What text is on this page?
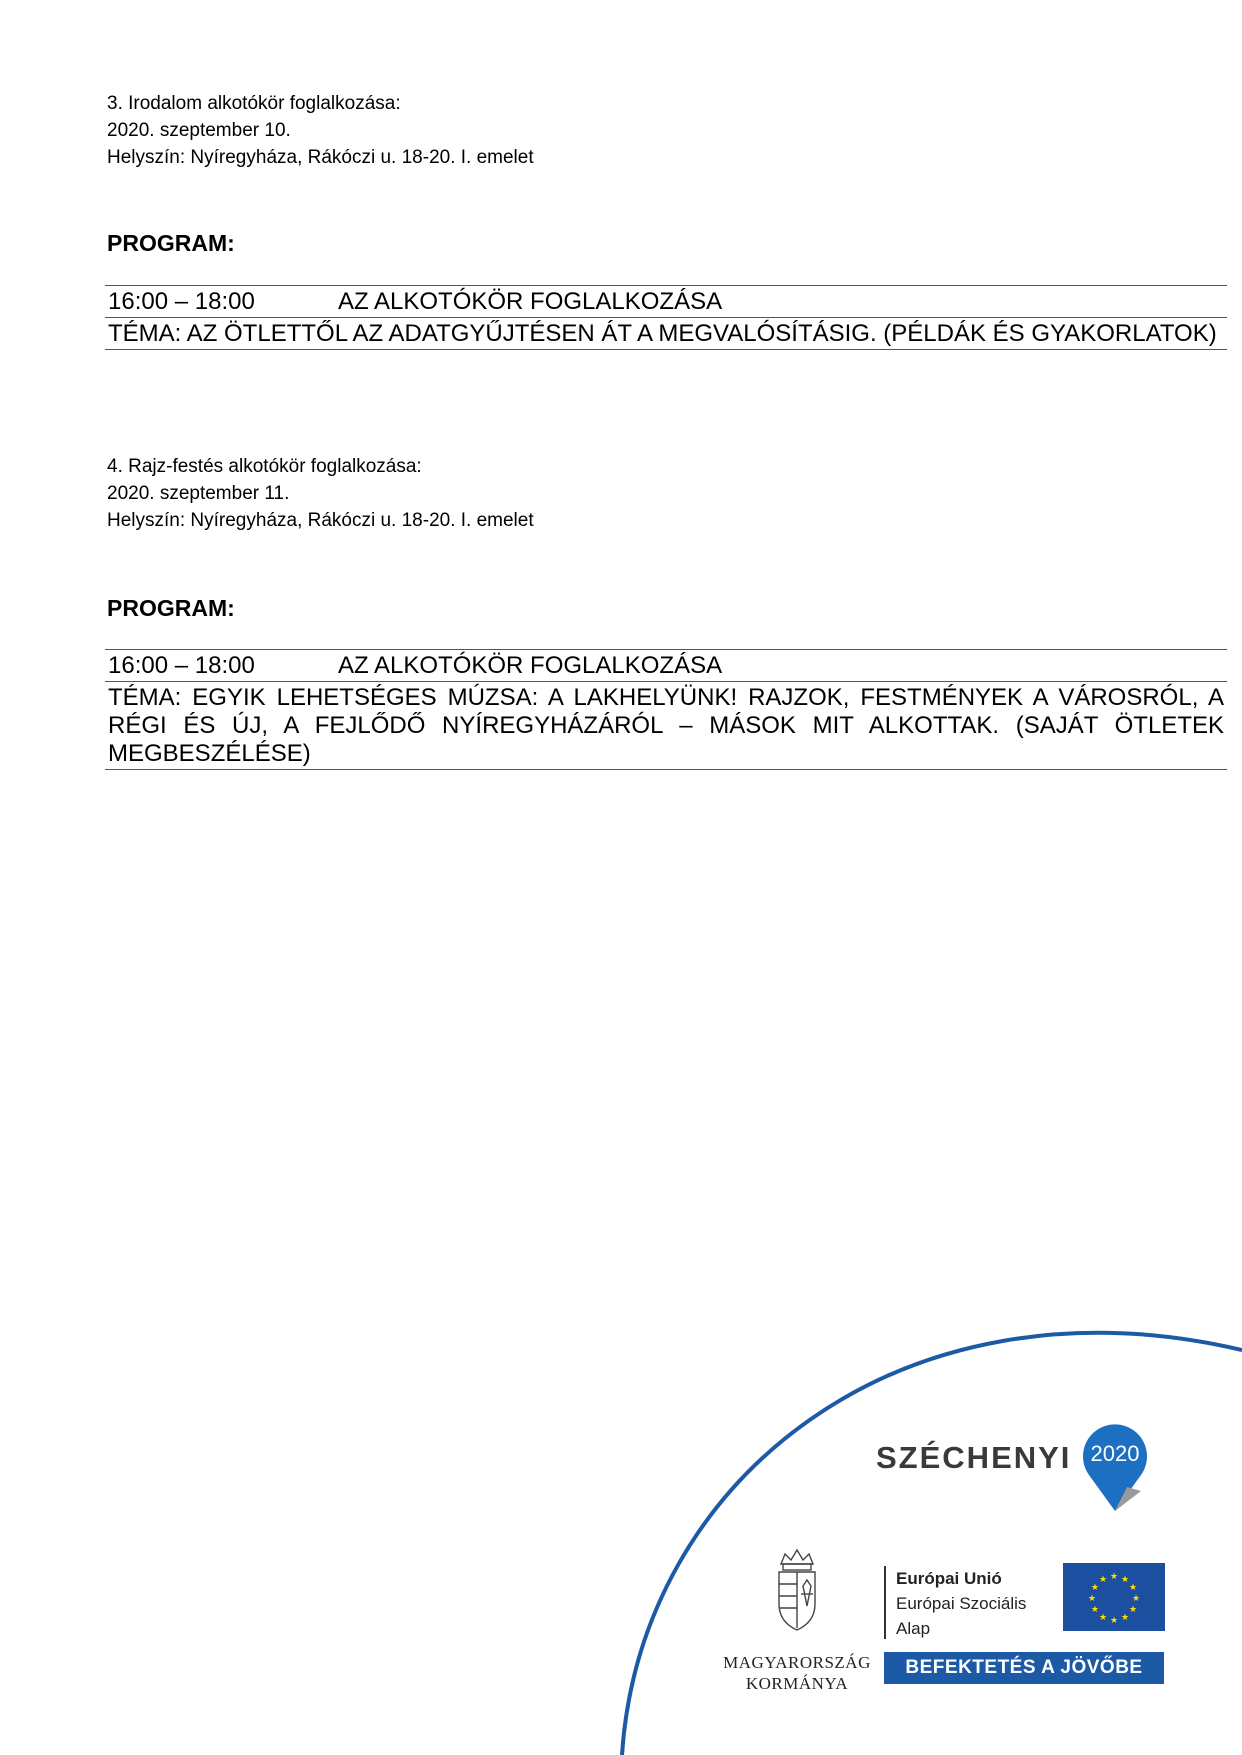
3. Irodalom alkotókör foglalkozása:
2020. szeptember 10.
Helyszín: Nyíregyháza, Rákóczi u. 18-20. I. emelet
PROGRAM:
16:00 – 18:00	AZ ALKOTÓKÖR FOGLALKOZÁSA
TÉMA: AZ ÖTLETTŐL AZ ADATGYŰJTÉSEN ÁT A MEGVALÓSÍTÁSIG. (PÉLDÁK ÉS GYAKORLATOK)
4. Rajz-festés alkotókör foglalkozása:
2020. szeptember 11.
Helyszín: Nyíregyháza, Rákóczi u. 18-20. I. emelet
PROGRAM:
16:00 – 18:00	AZ ALKOTÓKÖR FOGLALKOZÁSA
TÉMA: EGYIK LEHETSÉGES MÚZSA: A LAKHELYÜNK! RAJZOK, FESTMÉNYEK A VÁROSRÓL, A RÉGI ÉS ÚJ, A FEJLŐDŐ NYÍREGYHÁZÁRÓL – MÁSOK MIT ALKOTTAK. (SAJÁT ÖTLETEK MEGBESZÉLÉSE)
SZÉCHENYI 2020
MAGYARORSZÁG
KORMÁNYA
Európai Unió
Európai Szociális
Alap
★
★
★
★
★
★
★
★
★ ★ ★
★
BEFEKTETÉS A JÖVŐBE
